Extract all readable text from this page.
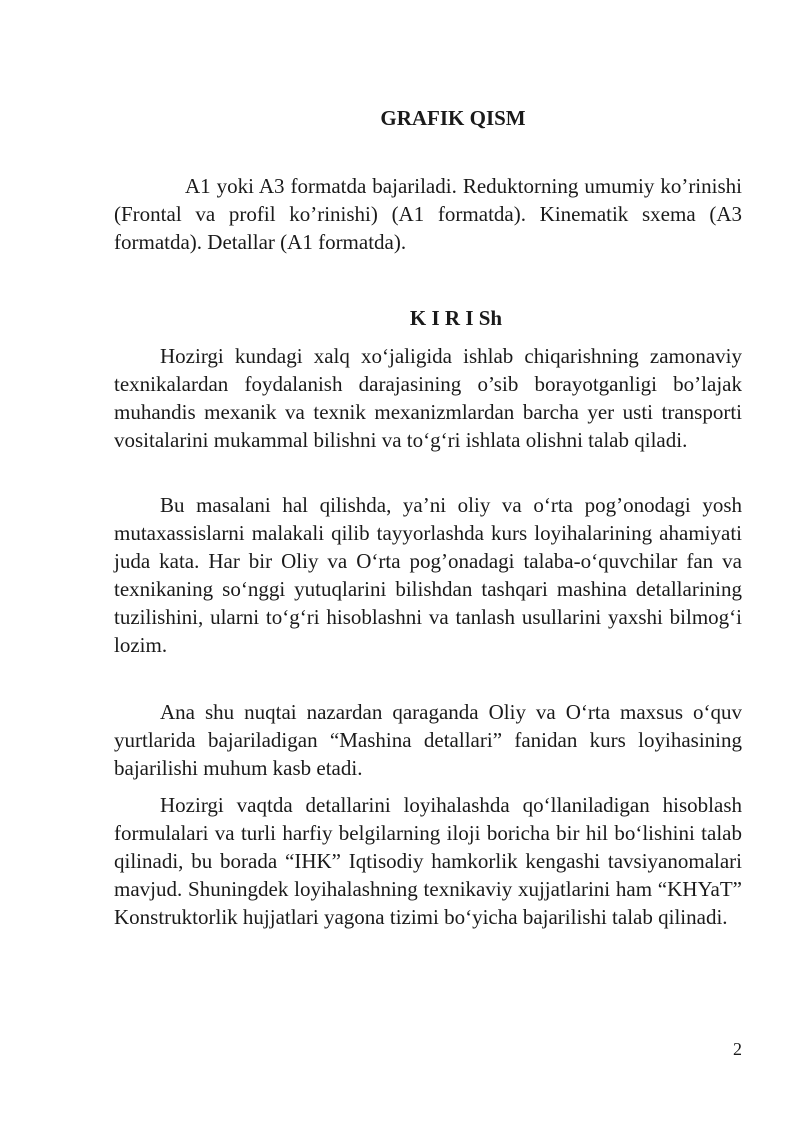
GRAFIK QISM

A1 yoki A3 formatda bajariladi. Reduktorning umumiy ko’rinishi (Frontal va profil ko’rinishi) (A1 formatda). Kinematik sxema (A3 formatda). Detallar (A1 formatda).

K I R I Sh

Hozirgi kundagi xalq xo‘jaligida ishlab chiqarishning zamonaviy texnikalardan foydalanish darajasining o’sib borayotganligi bo’lajak muhandis mexanik va texnik mexanizmlardan barcha yer usti transporti vositalarini mukammal bilishni va to‘g‘ri ishlata olishni talab qiladi.

Bu masalani hal qilishda, ya’ni oliy va o‘rta pog’onodagi yosh mutaxassislarni malakali qilib tayyorlashda kurs loyihalarining ahamiyati juda kata. Har bir Oliy va O‘rta pog’onadagi talaba-o‘quvchilar fan va texnikaning so‘nggi yutuqlarini bilishdan tashqari mashina detallarining tuzilishini, ularni to‘g‘ri hisoblashni va tanlash usullarini yaxshi bilmog‘i lozim.

Ana shu nuqtai nazardan qaraganda Oliy va O‘rta maxsus o‘quv yurtlarida bajariladigan “Mashina detallari” fanidan kurs loyihasining bajarilishi muhum kasb etadi.

Hozirgi vaqtda detallarini loyihalashda qo‘llaniladigan hisoblash formulalari va turli harfiy belgilarning iloji boricha bir hil bo‘lishini talab qilinadi, bu borada “IHK” Iqtisodiy hamkorlik kengashi tavsiyanomalari mavjud. Shuningdek loyihalashning texnikaviy xujjatlarini ham “KHYaT” Konstruktorlik hujjatlari yagona tizimi bo‘yicha bajarilishi talab qilinadi.

2
